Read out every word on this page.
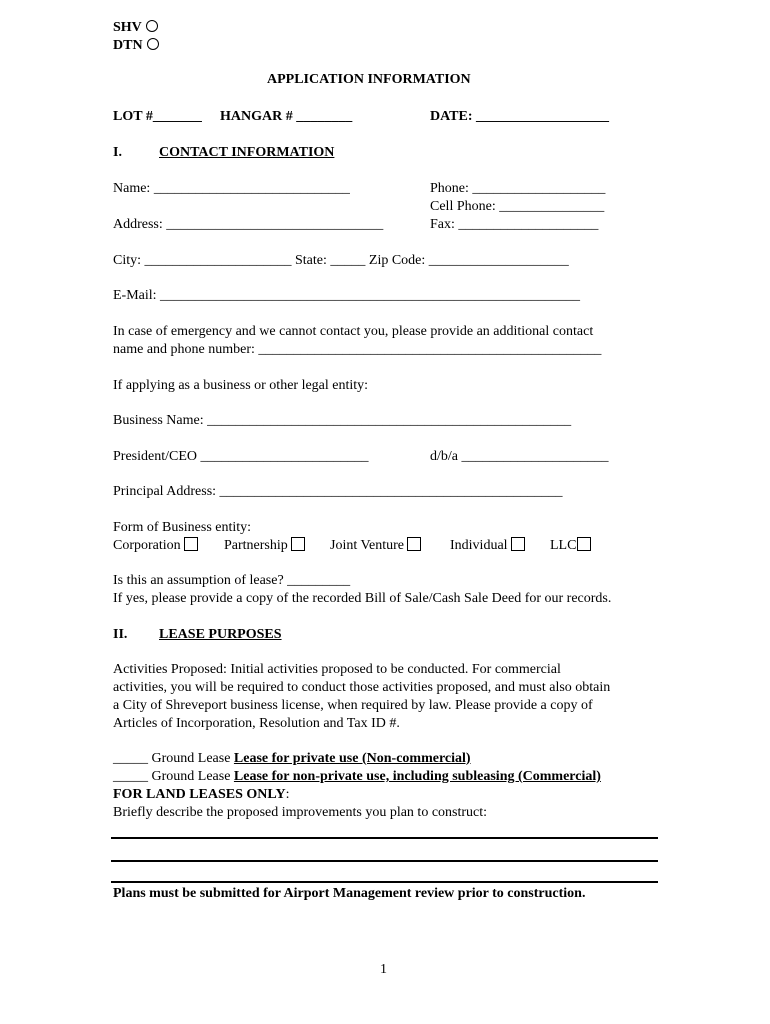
SHV
DTN
APPLICATION INFORMATION
LOT #_______ HANGAR # ________	DATE: ___________________
I.	CONTACT INFORMATION
Name: ____________________________	Phone: ___________________
Cell Phone: _______________
Address: _______________________________	Fax: ____________________
City: _____________________ State: _____ Zip Code: ____________________
E-Mail: ____________________________________________________________
In case of emergency and we cannot contact you, please provide an additional contact
name and phone number: _________________________________________________
If applying as a business or other legal entity:
Business Name: ____________________________________________________
President/CEO ________________________	d/b/a _____________________
Principal Address: _________________________________________________
Form of Business entity:
Corporation	Partnership	Joint Venture	Individual	LLC
Is this an assumption of lease? _________
If yes, please provide a copy of the recorded Bill of Sale/Cash Sale Deed for our records.
II. LEASE PURPOSES
Activities Proposed: Initial activities proposed to be conducted. For commercial
activities, you will be required to conduct those activities proposed, and must also obtain
a City of Shreveport business license, when required by law. Please provide a copy of
Articles of Incorporation, Resolution and Tax ID #.
_____ Ground Lease Lease for private use (Non-commercial)
_____ Ground Lease Lease for non-private use, including subleasing (Commercial)
FOR LAND LEASES ONLY:
Briefly describe the proposed improvements you plan to construct:
Plans must be submitted for Airport Management review prior to construction.
1
